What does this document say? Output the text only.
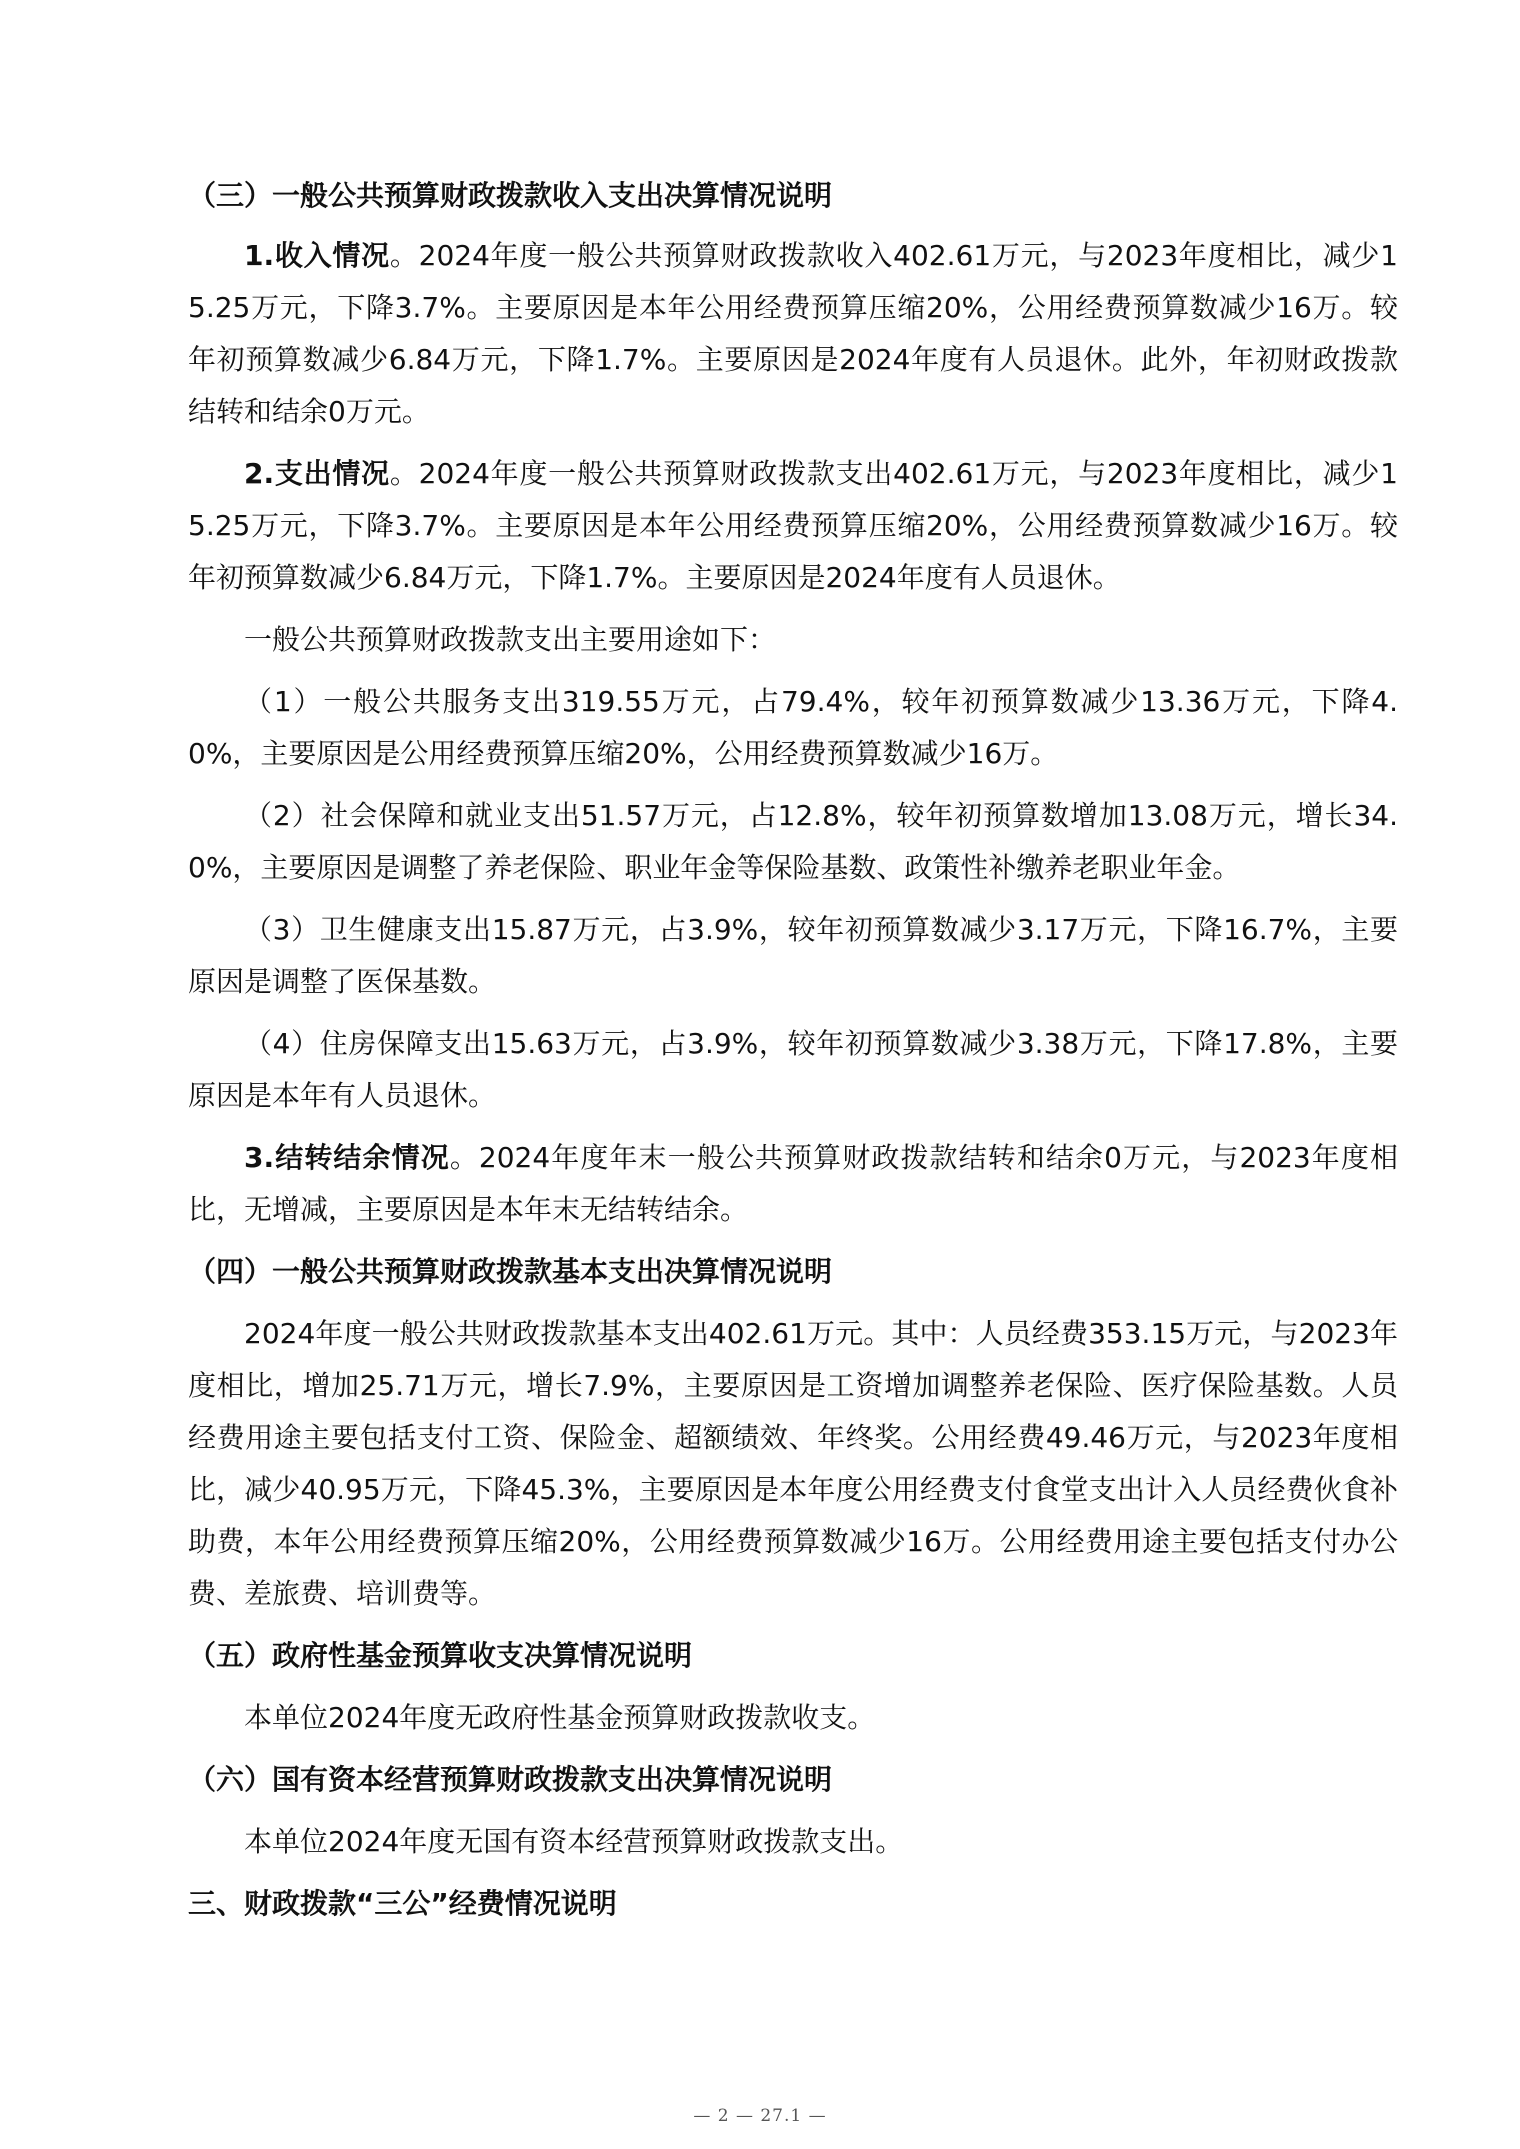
（三）一般公共预算财政拨款收入支出决算情况说明

1.收入情况。2024年度一般公共预算财政拨款收入402.61万元，与2023年度相比，减少15.25万元，下降3.7%。主要原因是本年公用经费预算压缩20%，公用经费预算数减少16万。较年初预算数减少6.84万元，下降1.7%。主要原因是2024年度有人员退休。此外，年初财政拨款结转和结余0万元。

2.支出情况。2024年度一般公共预算财政拨款支出402.61万元，与2023年度相比，减少15.25万元，下降3.7%。主要原因是本年公用经费预算压缩20%，公用经费预算数减少16万。较年初预算数减少6.84万元，下降1.7%。主要原因是2024年度有人员退休。

一般公共预算财政拨款支出主要用途如下：

（1）一般公共服务支出319.55万元，占79.4%，较年初预算数减少13.36万元，下降4.0%，主要原因是公用经费预算压缩20%，公用经费预算数减少16万。

（2）社会保障和就业支出51.57万元，占12.8%，较年初预算数增加13.08万元，增长34.0%，主要原因是调整了养老保险、职业年金等保险基数、政策性补缴养老职业年金。

（3）卫生健康支出15.87万元，占3.9%，较年初预算数减少3.17万元，下降16.7%，主要原因是调整了医保基数。

（4）住房保障支出15.63万元，占3.9%，较年初预算数减少3.38万元，下降17.8%，主要原因是本年有人员退休。

3.结转结余情况。2024年度年末一般公共预算财政拨款结转和结余0万元，与2023年度相比，无增减，主要原因是本年末无结转结余。

（四）一般公共预算财政拨款基本支出决算情况说明

2024年度一般公共财政拨款基本支出402.61万元。其中：人员经费353.15万元，与2023年度相比，增加25.71万元，增长7.9%，主要原因是工资增加调整养老保险、医疗保险基数。人员经费用途主要包括支付工资、保险金、超额绩效、年终奖。公用经费49.46万元，与2023年度相比，减少40.95万元，下降45.3%，主要原因是本年度公用经费支付食堂支出计入人员经费伙食补助费，本年公用经费预算压缩20%，公用经费预算数减少16万。公用经费用途主要包括支付办公费、差旅费、培训费等。

（五）政府性基金预算收支决算情况说明

本单位2024年度无政府性基金预算财政拨款收支。

（六）国有资本经营预算财政拨款支出决算情况说明

本单位2024年度无国有资本经营预算财政拨款支出。

三、财政拨款“三公”经费情况说明

— 2 — 27.1 —
